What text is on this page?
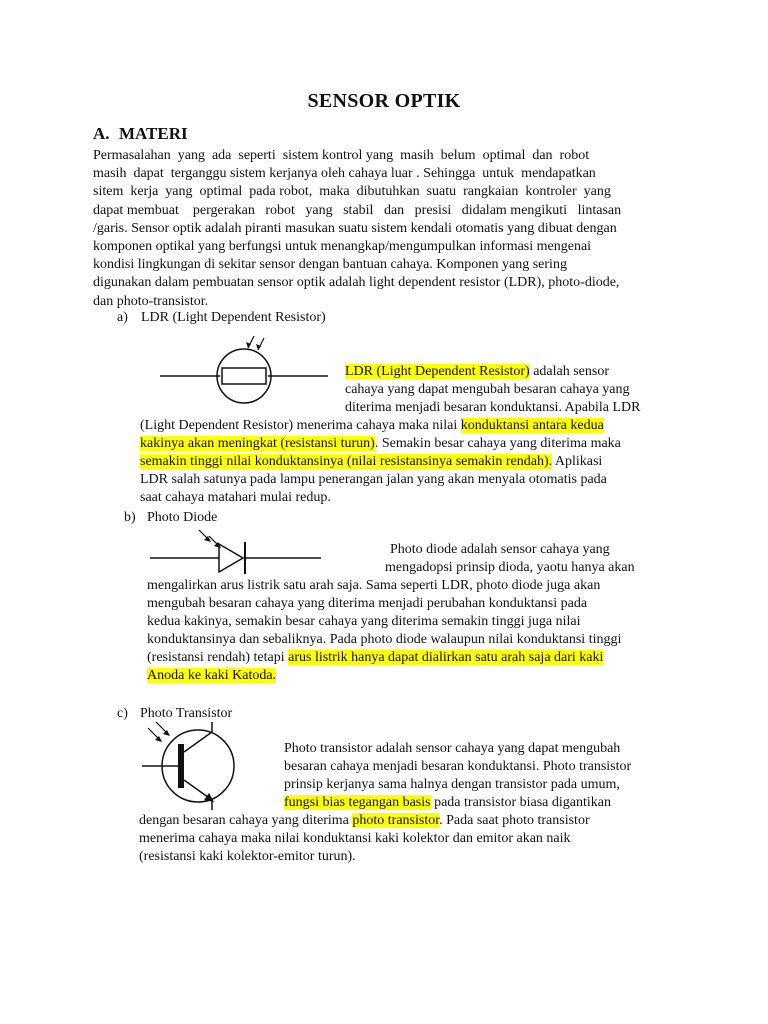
SENSOR OPTIK
A. MATERI
Permasalahan  yang  ada  seperti  sistem kontrol yang  masih  belum  optimal  dan  robot
masih  dapat  terganggu sistem kerjanya oleh cahaya luar . Sehingga  untuk  mendapatkan
sitem  kerja  yang  optimal  pada robot,  maka  dibutuhkan  suatu  rangkaian  kontroler  yang
dapat membuat    pergerakan   robot   yang   stabil   dan   presisi   didalam mengikuti   lintasan
/garis. Sensor optik adalah piranti masukan suatu sistem kendali otomatis yang dibuat dengan
komponen optikal yang berfungsi untuk menangkap/mengumpulkan informasi mengenai
kondisi lingkungan di sekitar sensor dengan bantuan cahaya. Komponen yang sering
digunakan dalam pembuatan sensor optik adalah light dependent resistor (LDR), photo-diode,
dan photo-transistor.
a) LDR (Light Dependent Resistor)
b) Photo Diode
c) Photo Transistor
LDR (Light Dependent Resistor) adalah sensor
cahaya yang dapat mengubah besaran cahaya yang
diterima menjadi besaran konduktansi. Apabila LDR
(Light Dependent Resistor) menerima cahaya maka nilai konduktansi antara kedua
kakinya akan meningkat (resistansi turun). Semakin besar cahaya yang diterima maka
semakin tinggi nilai konduktansinya (nilai resistansinya semakin rendah). Aplikasi
LDR salah satunya pada lampu penerangan jalan yang akan menyala otomatis pada
saat cahaya matahari mulai redup.
Photo diode adalah sensor cahaya yang
mengadopsi prinsip dioda, yaotu hanya akan
mengalirkan arus listrik satu arah saja. Sama seperti LDR, photo diode juga akan
mengubah besaran cahaya yang diterima menjadi perubahan konduktansi pada
kedua kakinya, semakin besar cahaya yang diterima semakin tinggi juga nilai
konduktansinya dan sebaliknya. Pada photo diode walaupun nilai konduktansi tinggi
(resistansi rendah) tetapi arus listrik hanya dapat dialirkan satu arah saja dari kaki
Anoda ke kaki Katoda.
Photo transistor adalah sensor cahaya yang dapat mengubah
besaran cahaya menjadi besaran konduktansi. Photo transistor
prinsip kerjanya sama halnya dengan transistor pada umum,
fungsi bias tegangan basis pada transistor biasa digantikan
dengan besaran cahaya yang diterima photo transistor. Pada saat photo transistor
menerima cahaya maka nilai konduktansi kaki kolektor dan emitor akan naik
(resistansi kaki kolektor-emitor turun).
